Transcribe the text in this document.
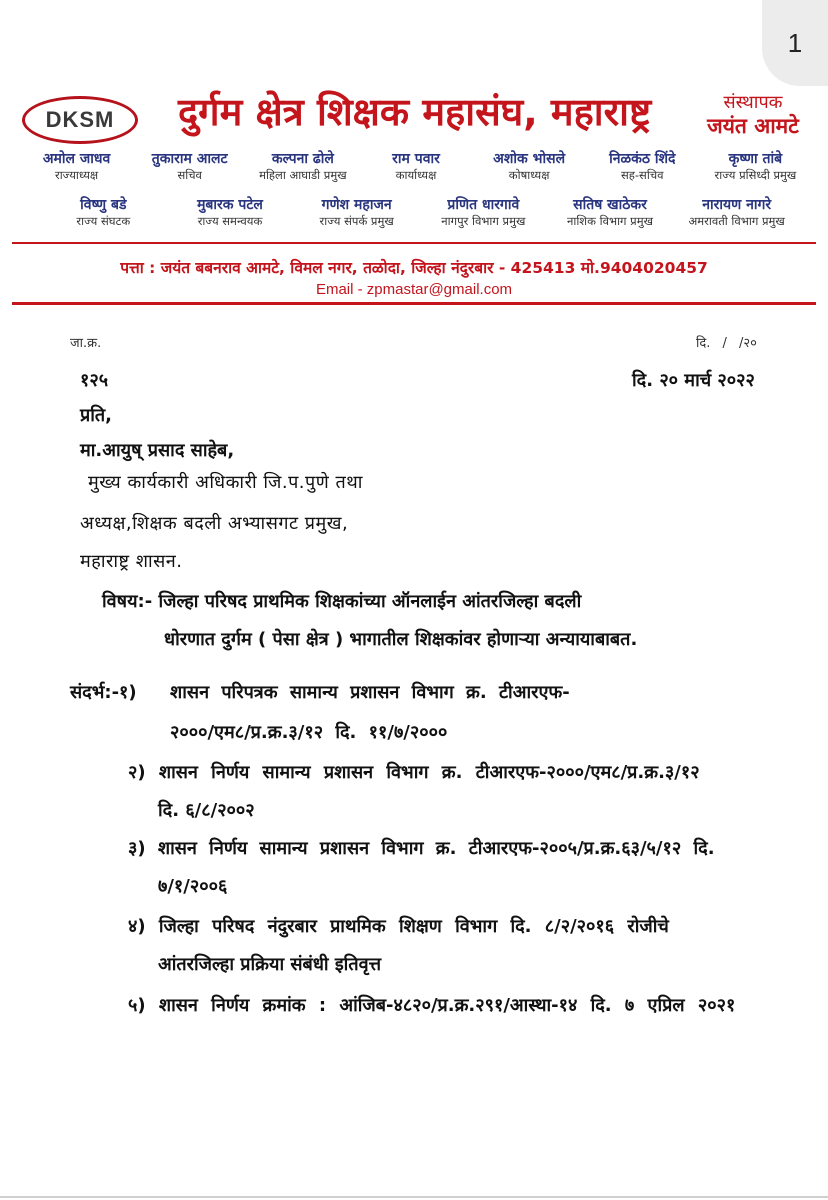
1
DKSM दुर्गम क्षेत्र शिक्षक महासंघ, महाराष्ट्र	संस्थापक
जयंत आमटे
अमोल जाधव
राज्याध्यक्ष
तुकाराम आलट
सचिव
कल्पना ढोले
महिला आघाडी प्रमुख
राम पवार
कार्याध्यक्ष
अशोक भोसले
कोषाध्यक्ष
निळकंठ शिंदे
सह-सचिव
कृष्णा तांबे
राज्य प्रसिध्दी प्रमुख
विष्णु बडे
राज्य संघटक
मुबारक पटेल
राज्य समन्वयक
गणेश महाजन
राज्य संपर्क प्रमुख
प्रणित धारगावे
नागपुर विभाग प्रमुख
सतिष खाठेकर
नाशिक विभाग प्रमुख
नारायण नागरे
अमरावती विभाग प्रमुख
पत्ता : जयंत बबनराव आमटे, विमल नगर, तळोदा, जिल्हा नंदुरबार - 425413 मो.9404020457
Email - zpmastar@gmail.com
जा.क्र.	दि. / /२०
१२५	दि. २० मार्च २०२२
प्रति,
मा.आयुष् प्रसाद साहेब,
मुख्य कार्यकारी अधिकारी जि.प.पुणे तथा
अध्यक्ष,शिक्षक बदली अभ्यासगट प्रमुख,
महाराष्ट्र शासन.
विषय:- जिल्हा परिषद प्राथमिक शिक्षकांच्या ऑनलाईन आंतरजिल्हा बदली
धोरणात दुर्गम ( पेसा क्षेत्र ) भागातील शिक्षकांवर होणाऱ्या अन्यायाबाबत.
संदर्भ:-१) शासन परिपत्रक सामान्य प्रशासन विभाग क्र. टीआरएफ-
२०००/एम८/प्र.क्र.३/१२ दि. ११/७/२०००
२) शासन निर्णय सामान्य प्रशासन विभाग क्र. टीआरएफ-२०००/एम८/प्र.क्र.३/१२
दि. ६/८/२००२
३) शासन निर्णय सामान्य प्रशासन विभाग क्र. टीआरएफ-२००५/प्र.क्र.६३/५/१२ दि.
७/१/२००६
४) जिल्हा परिषद नंदुरबार प्राथमिक शिक्षण विभाग दि. ८/२/२०१६ रोजीचे
आंतरजिल्हा प्रक्रिया संबंधी इतिवृत्त
५) शासन निर्णय क्रमांक : आंजिब-४८२०/प्र.क्र.२९१/आस्था-१४ दि. ७ एप्रिल २०२१
